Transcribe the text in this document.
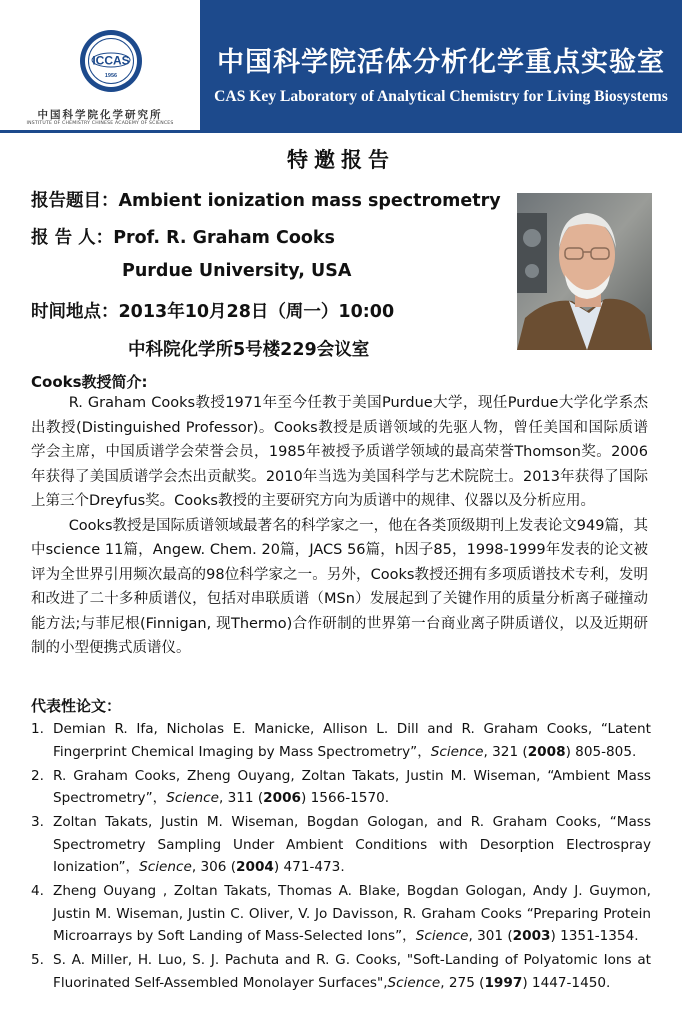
ICCAS
1956
中国科学院化学研究所
INSTITUTE OF CHEMISTRY CHINESE ACADEMY OF SCIENCES
中国科学院活体分析化学重点实验室
CAS Key Laboratory of Analytical Chemistry for Living Biosystems
特邀报告
报告题目：Ambient ionization mass spectrometry
报 告 人：Prof. R. Graham Cooks
Purdue University, USA
时间地点：2013年10月28日（周一）10:00
中科院化学所5号楼229会议室
Cooks教授简介:

R. Graham Cooks教授1971年至今任教于美国Purdue大学，现任Purdue大学化学系杰出教授(Distinguished Professor)。Cooks教授是质谱领域的先驱人物，曾任美国和国际质谱学会主席，中国质谱学会荣誉会员，1985年被授予质谱学领域的最高荣誉Thomson奖。2006年获得了美国质谱学会杰出贡献奖。2010年当选为美国科学与艺术院院士。2013年获得了国际上第三个Dreyfus奖。Cooks教授的主要研究方向为质谱中的规律、仪器以及分析应用。

Cooks教授是国际质谱领域最著名的科学家之一，他在各类顶级期刊上发表论文949篇，其中science 11篇，Angew. Chem. 20篇，JACS 56篇，h因子85，1998-1999年发表的论文被评为全世界引用频次最高的98位科学家之一。另外，Cooks教授还拥有多项质谱技术专利，发明和改进了二十多种质谱仪，包括对串联质谱（MSn）发展起到了关键作用的质量分析离子碰撞动能方法;与菲尼根(Finnigan, 现Thermo)合作研制的世界第一台商业离子阱质谱仪，以及近期研制的小型便携式质谱仪。

代表性论文：
1. Demian R. Ifa, Nicholas E. Manicke, Allison L. Dill and R. Graham Cooks, “Latent Fingerprint Chemical Imaging by Mass Spectrometry”，Science, 321 (2008) 805-805.
2. R. Graham Cooks, Zheng Ouyang, Zoltan Takats, Justin M. Wiseman, “Ambient Mass Spectrometry”，Science, 311 (2006) 1566-1570.
3. Zoltan Takats, Justin M. Wiseman, Bogdan Gologan, and R. Graham Cooks, “Mass Spectrometry Sampling Under Ambient Conditions with Desorption Electrospray Ionization”，Science, 306 (2004) 471-473.
4. Zheng Ouyang , Zoltan Takats, Thomas A. Blake, Bogdan Gologan, Andy J. Guymon, Justin M. Wiseman, Justin C. Oliver, V. Jo Davisson, R. Graham Cooks “Preparing Protein Microarrays by Soft Landing of Mass-Selected Ions”，Science, 301 (2003) 1351-1354.
5. S. A. Miller, H. Luo, S. J. Pachuta and R. G. Cooks, "Soft-Landing of Polyatomic Ions at Fluorinated Self-Assembled Monolayer Surfaces",Science, 275 (1997) 1447-1450.
